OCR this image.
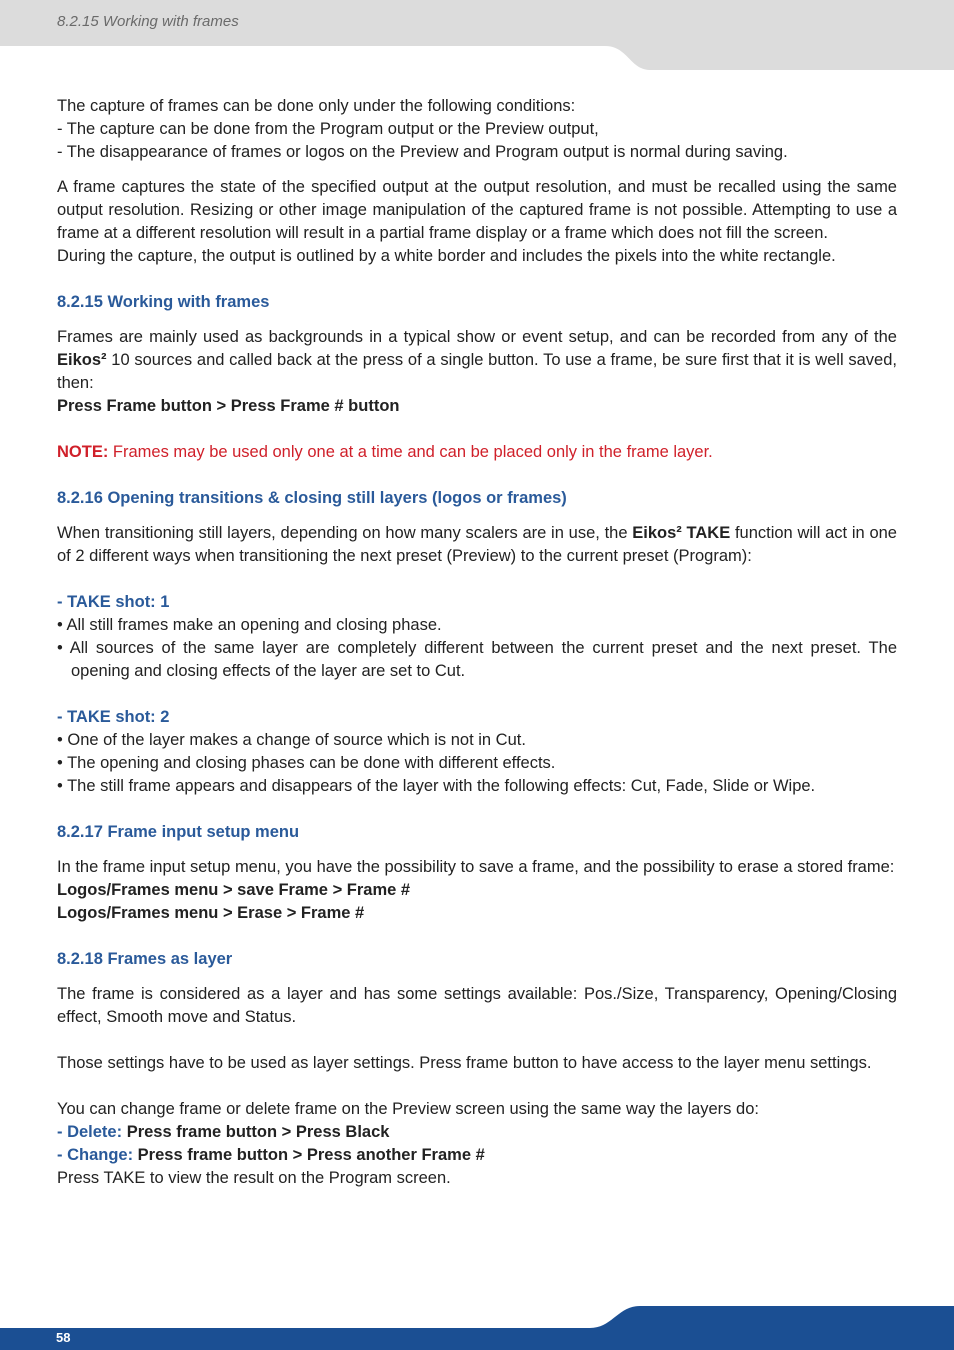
8.2.15 Working with frames

The capture of frames can be done only under the following conditions:

- The capture can be done from the Program output or the Preview output,

- The disappearance of frames or logos on the Preview and Program output is normal during saving.

A frame captures the state of the specified output at the output resolution, and must be recalled using the same output resolution. Resizing or other image manipulation of the captured frame is not possible. Attempting to use a frame at a different resolution will result in a partial frame display or a frame which does not fill the screen.

During the capture, the output is outlined by a white border and includes the pixels into the white rectangle.

8.2.15 Working with frames

Frames are mainly used as backgrounds in a typical show or event setup, and can be recorded from any of the Eikos² 10 sources and called back at the press of a single button. To use a frame, be sure first that it is well saved, then:

Press Frame button > Press Frame # button

NOTE: Frames may be used only one at a time and can be placed only in the frame layer.

8.2.16 Opening transitions & closing still layers (logos or frames)

When transitioning still layers, depending on how many scalers are in use, the Eikos² TAKE function will act in one of 2 different ways when transitioning the next preset (Preview) to the current preset (Program):

- TAKE shot: 1

• All still frames make an opening and closing phase.

• All sources of the same layer are completely different between the current preset and the next preset. The opening and closing effects of the layer are set to Cut.

- TAKE shot: 2

• One of the layer makes a change of source which is not in Cut.

• The opening and closing phases can be done with different effects.

• The still frame appears and disappears of the layer with the following effects: Cut, Fade, Slide or Wipe.

8.2.17 Frame input setup menu

In the frame input setup menu, you have the possibility to save a frame, and the possibility to erase a stored frame:

Logos/Frames menu > save Frame > Frame #

Logos/Frames menu > Erase > Frame #

8.2.18 Frames as layer

The frame is considered as a layer and has some settings available: Pos./Size, Transparency, Opening/Closing effect, Smooth move and Status.

Those settings have to be used as layer settings. Press frame button to have access to the layer menu settings.

You can change frame or delete frame on the Preview screen using the same way the layers do:

- Delete: Press frame button > Press Black

- Change: Press frame button > Press another Frame #

Press TAKE to view the result on the Program screen.

58
